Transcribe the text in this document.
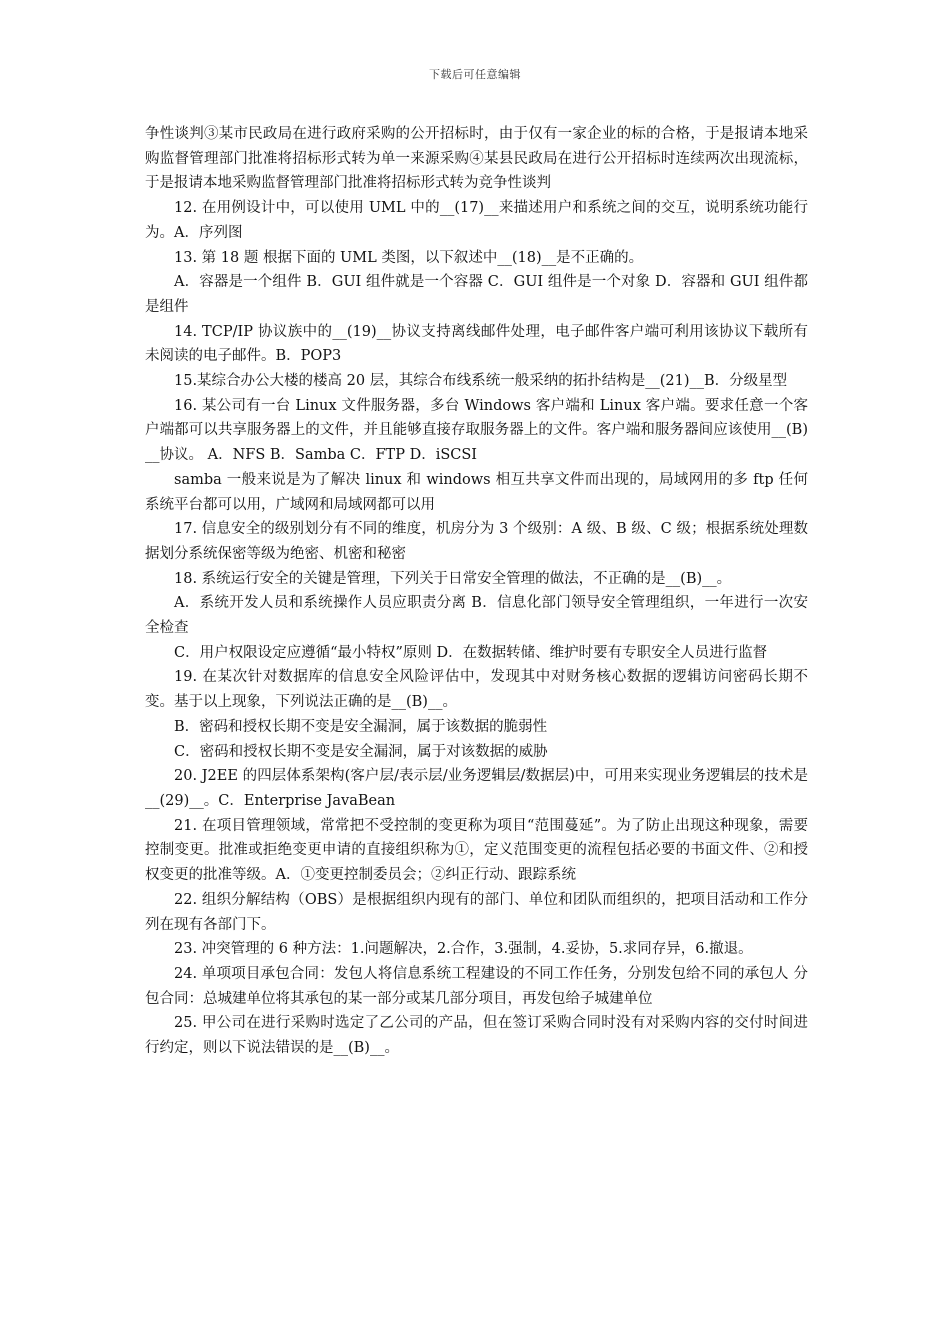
下载后可任意编辑

争性谈判③某市民政局在进行政府采购的公开招标时，由于仅有一家企业的标的合格，于是报请本地采购监督管理部门批准将招标形式转为单一来源采购④某县民政局在进行公开招标时连续两次出现流标，于是报请本地采购监督管理部门批准将招标形式转为竞争性谈判

12. 在用例设计中，可以使用 UML 中的__(17)__来描述用户和系统之间的交互，说明系统功能行为。A．序列图

13. 第 18 题 根据下面的 UML 类图，以下叙述中__(18)__是不正确的。

A．容器是一个组件 B．GUI 组件就是一个容器 C．GUI 组件是一个对象 D．容器和 GUI 组件都是组件

14. TCP/IP 协议族中的__(19)__协议支持离线邮件处理，电子邮件客户端可利用该协议下载所有未阅读的电子邮件。B．POP3

15.某综合办公大楼的楼高 20 层，其综合布线系统一般采纳的拓扑结构是__(21)__B．分级星型

16. 某公司有一台 Linux 文件服务器，多台 Windows 客户端和 Linux 客户端。要求任意一个客户端都可以共享服务器上的文件，并且能够直接存取服务器上的文件。客户端和服务器间应该使用__(B)__协议。 A．NFS B．Samba C．FTP D．iSCSI

samba 一般来说是为了解决 linux 和 windows 相互共享文件而出现的，局域网用的多 ftp 任何系统平台都可以用，广域网和局域网都可以用

17. 信息安全的级别划分有不同的维度，机房分为 3 个级别：A 级、B 级、C 级；根据系统处理数据划分系统保密等级为绝密、机密和秘密

18. 系统运行安全的关键是管理，下列关于日常安全管理的做法，不正确的是__(B)__。

A．系统开发人员和系统操作人员应职责分离 B．信息化部门领导安全管理组织，一年进行一次安全检查

C．用户权限设定应遵循“最小特权”原则 D．在数据转储、维护时要有专职安全人员进行监督

19. 在某次针对数据库的信息安全风险评估中，发现其中对财务核心数据的逻辑访问密码长期不变。基于以上现象，下列说法正确的是__(B)__。

B．密码和授权长期不变是安全漏洞，属于该数据的脆弱性

C．密码和授权长期不变是安全漏洞，属于对该数据的威胁

20. J2EE 的四层体系架构(客户层/表示层/业务逻辑层/数据层)中，可用来实现业务逻辑层的技术是__(29)__。C．Enterprise JavaBean

21. 在项目管理领域，常常把不受控制的变更称为项目“范围蔓延”。为了防止出现这种现象，需要控制变更。批准或拒绝变更申请的直接组织称为①，定义范围变更的流程包括必要的书面文件、②和授权变更的批准等级。A．①变更控制委员会；②纠正行动、跟踪系统

22. 组织分解结构（OBS）是根据组织内现有的部门、单位和团队而组织的，把项目活动和工作分列在现有各部门下。

23. 冲突管理的 6 种方法：1.问题解决，2.合作，3.强制，4.妥协，5.求同存异，6.撤退。

24. 单项项目承包合同：发包人将信息系统工程建设的不同工作任务，分别发包给不同的承包人 分包合同：总城建单位将其承包的某一部分或某几部分项目，再发包给子城建单位

25. 甲公司在进行采购时选定了乙公司的产品，但在签订采购合同时没有对采购内容的交付时间进行约定，则以下说法错误的是__(B)__。
